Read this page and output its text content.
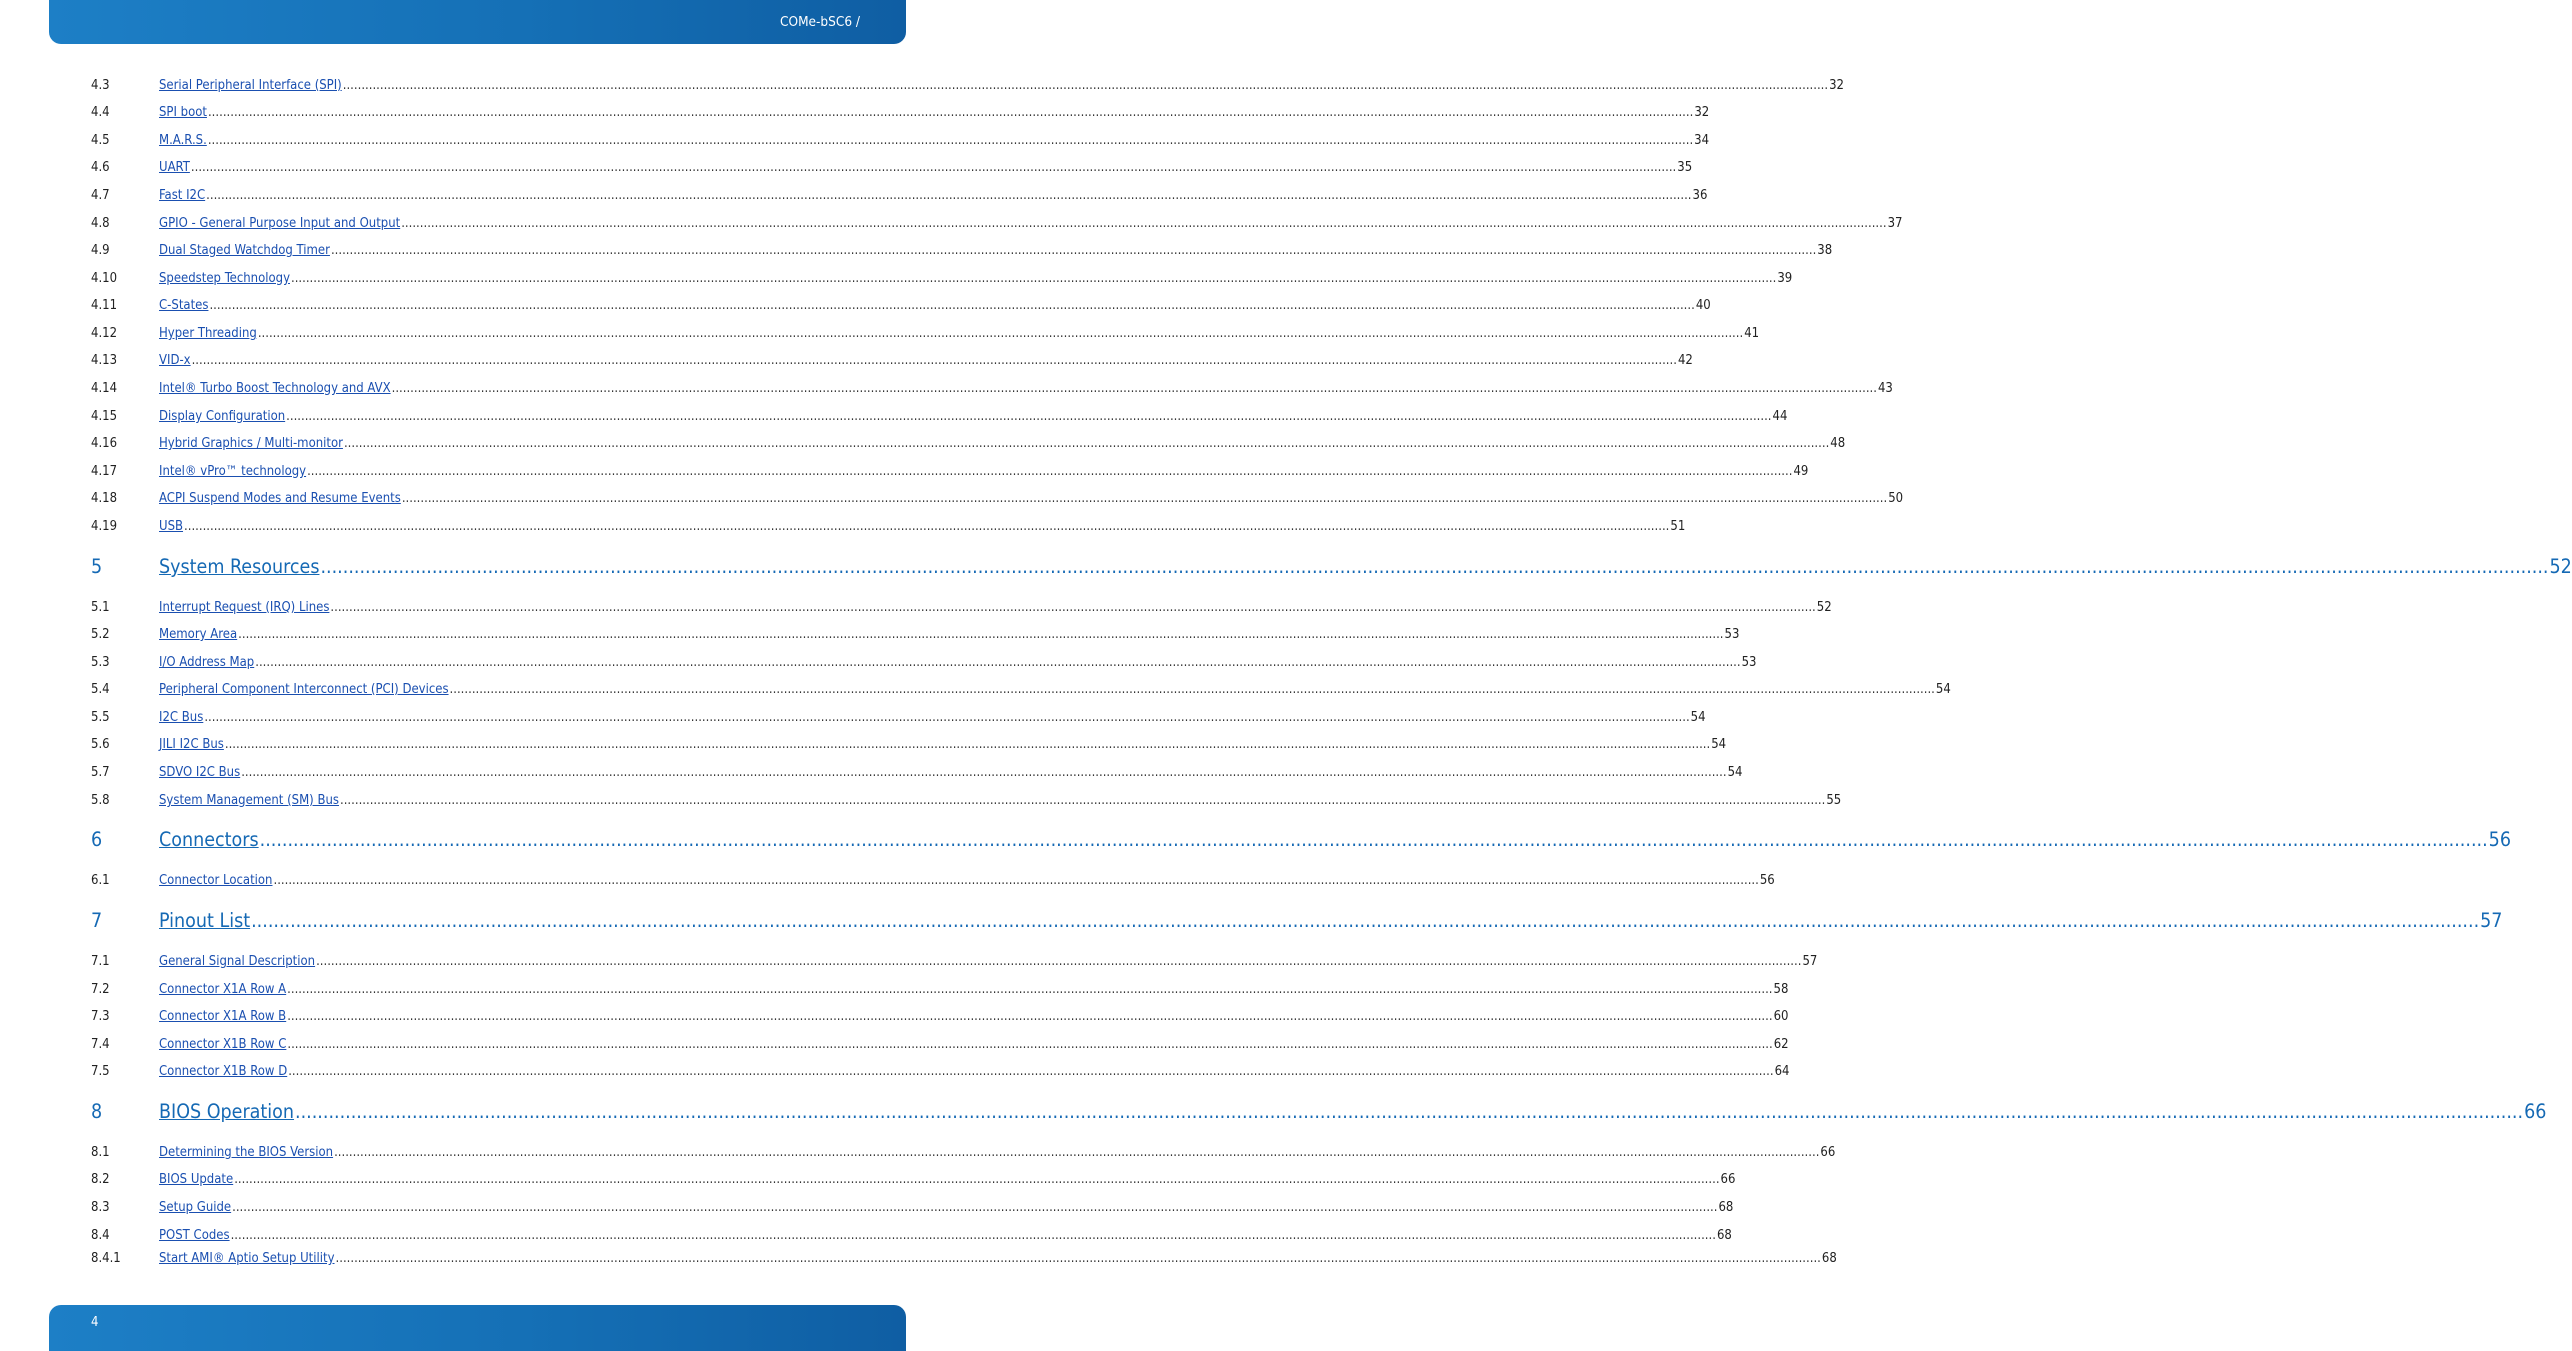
COMe-bSC6 /
4.3	Serial Peripheral Interface (SPI) ................................................................................................................................................................................................................................................................................................................................................................................................................ 32
4.4	SPI boot ................................................................................................................................................................................................................................................................................................................................................................................................................ 32
4.5	M.A.R.S. ................................................................................................................................................................................................................................................................................................................................................................................................................ 34
4.6	UART ................................................................................................................................................................................................................................................................................................................................................................................................................ 35
4.7	Fast I2C ................................................................................................................................................................................................................................................................................................................................................................................................................ 36
4.8	GPIO - General Purpose Input and Output ................................................................................................................................................................................................................................................................................................................................................................................................................ 37
4.9	Dual Staged Watchdog Timer ................................................................................................................................................................................................................................................................................................................................................................................................................ 38
4.10	Speedstep Technology ................................................................................................................................................................................................................................................................................................................................................................................................................ 39
4.11	C-States ................................................................................................................................................................................................................................................................................................................................................................................................................ 40
4.12	Hyper Threading ................................................................................................................................................................................................................................................................................................................................................................................................................ 41
4.13	VID-x ................................................................................................................................................................................................................................................................................................................................................................................................................ 42
4.14	Intel® Turbo Boost Technology and AVX ................................................................................................................................................................................................................................................................................................................................................................................................................ 43
4.15	Display Configuration ................................................................................................................................................................................................................................................................................................................................................................................................................ 44
4.16	Hybrid Graphics / Multi-monitor ................................................................................................................................................................................................................................................................................................................................................................................................................ 48
4.17	Intel® vPro™ technology ................................................................................................................................................................................................................................................................................................................................................................................................................ 49
4.18	ACPI Suspend Modes and Resume Events ................................................................................................................................................................................................................................................................................................................................................................................................................ 50
4.19	USB ................................................................................................................................................................................................................................................................................................................................................................................................................ 51
5	System Resources ................................................................................................................................................................................................................................................................................................................................................................................................................ 52
5.1	Interrupt Request (IRQ) Lines ................................................................................................................................................................................................................................................................................................................................................................................................................ 52
5.2	Memory Area ................................................................................................................................................................................................................................................................................................................................................................................................................ 53
5.3	I/O Address Map ................................................................................................................................................................................................................................................................................................................................................................................................................ 53
5.4	Peripheral Component Interconnect (PCI) Devices ................................................................................................................................................................................................................................................................................................................................................................................................................ 54
5.5	I2C Bus ................................................................................................................................................................................................................................................................................................................................................................................................................ 54
5.6	JILI I2C Bus ................................................................................................................................................................................................................................................................................................................................................................................................................ 54
5.7	SDVO I2C Bus ................................................................................................................................................................................................................................................................................................................................................................................................................ 54
5.8	System Management (SM) Bus ................................................................................................................................................................................................................................................................................................................................................................................................................ 55
6	Connectors ................................................................................................................................................................................................................................................................................................................................................................................................................ 56
6.1	Connector Location ................................................................................................................................................................................................................................................................................................................................................................................................................ 56
7	Pinout List ................................................................................................................................................................................................................................................................................................................................................................................................................ 57
7.1	General Signal Description ................................................................................................................................................................................................................................................................................................................................................................................................................ 57
7.2	Connector X1A Row A ................................................................................................................................................................................................................................................................................................................................................................................................................ 58
7.3	Connector X1A Row B ................................................................................................................................................................................................................................................................................................................................................................................................................ 60
7.4	Connector X1B Row C ................................................................................................................................................................................................................................................................................................................................................................................................................ 62
7.5	Connector X1B Row D ................................................................................................................................................................................................................................................................................................................................................................................................................ 64
8	BIOS Operation ................................................................................................................................................................................................................................................................................................................................................................................................................ 66
8.1	Determining the BIOS Version ................................................................................................................................................................................................................................................................................................................................................................................................................ 66
8.2	BIOS Update ................................................................................................................................................................................................................................................................................................................................................................................................................ 66
8.3	Setup Guide ................................................................................................................................................................................................................................................................................................................................................................................................................ 68
8.4	POST Codes ................................................................................................................................................................................................................................................................................................................................................................................................................ 68
8.4.1	Start AMI® Aptio Setup Utility ................................................................................................................................................................................................................................................................................................................................................................................................................ 68
4
